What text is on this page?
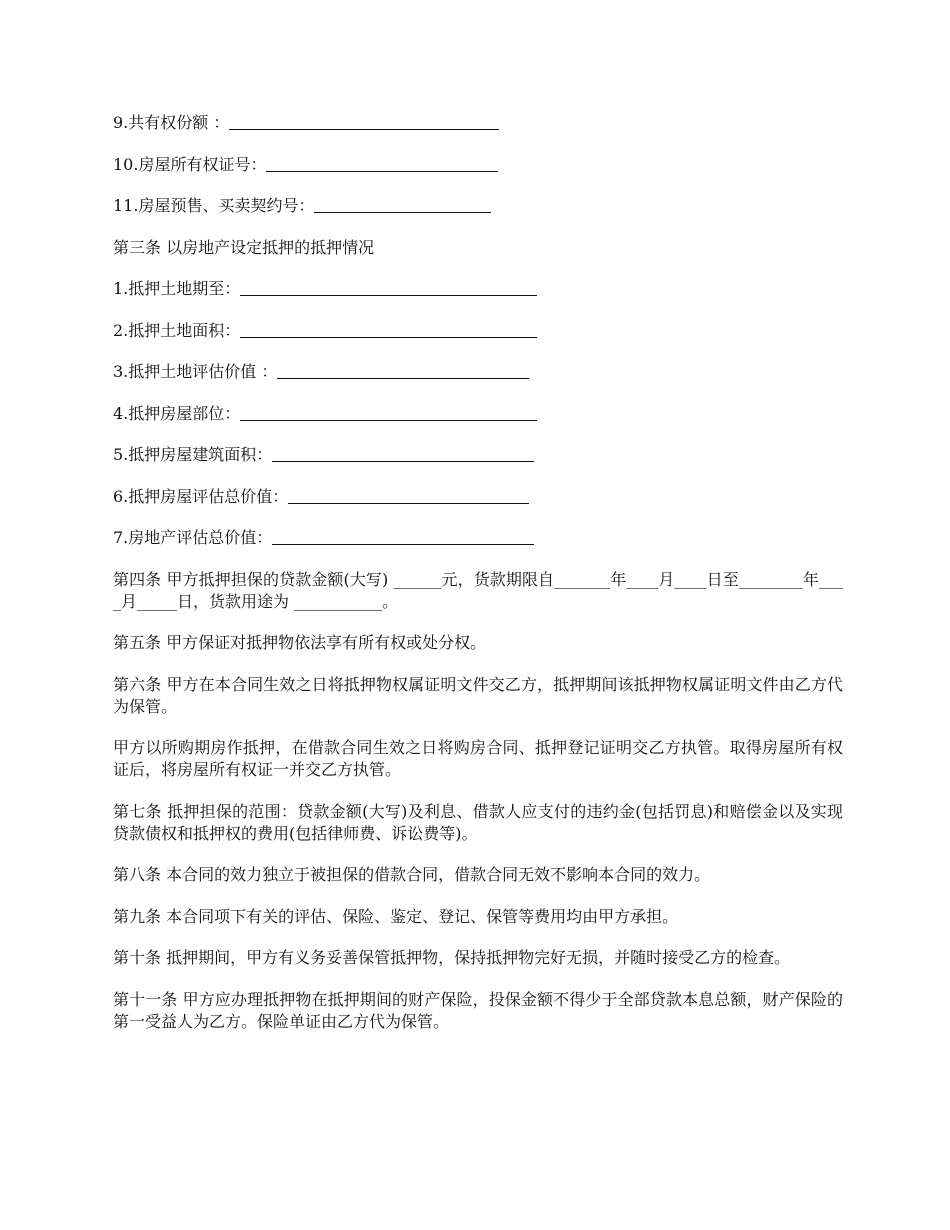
9.共有权份额 ：
10.房屋所有权证号：
11.房屋预售、买卖契约号：
第三条 以房地产设定抵押的抵押情况
1.抵押土地期至：
2.抵押土地面积：
3.抵押土地评估价值 ：
4.抵押房屋部位：
5.抵押房屋建筑面积：
6.抵押房屋评估总价值：
7.房地产评估总价值：
第四条 甲方抵押担保的贷款金额(大写) ______元，货款期限自_______年____月____日至________年____月_____日，货款用途为 ___________。
第五条 甲方保证对抵押物依法享有所有权或处分权。
第六条 甲方在本合同生效之日将抵押物权属证明文件交乙方，抵押期间该抵押物权属证明文件由乙方代为保管。
甲方以所购期房作抵押，在借款合同生效之日将购房合同、抵押登记证明交乙方执管。取得房屋所有权证后，将房屋所有权证一并交乙方执管。
第七条 抵押担保的范围：贷款金额(大写)及利息、借款人应支付的违约金(包括罚息)和赔偿金以及实现贷款债权和抵押权的费用(包括律师费、诉讼费等)。
第八条 本合同的效力独立于被担保的借款合同，借款合同无效不影响本合同的效力。
第九条 本合同项下有关的评估、保险、鉴定、登记、保管等费用均由甲方承担。
第十条 抵押期间，甲方有义务妥善保管抵押物，保持抵押物完好无损，并随时接受乙方的检查。
第十一条 甲方应办理抵押物在抵押期间的财产保险，投保金额不得少于全部贷款本息总额，财产保险的第一受益人为乙方。保险单证由乙方代为保管。
